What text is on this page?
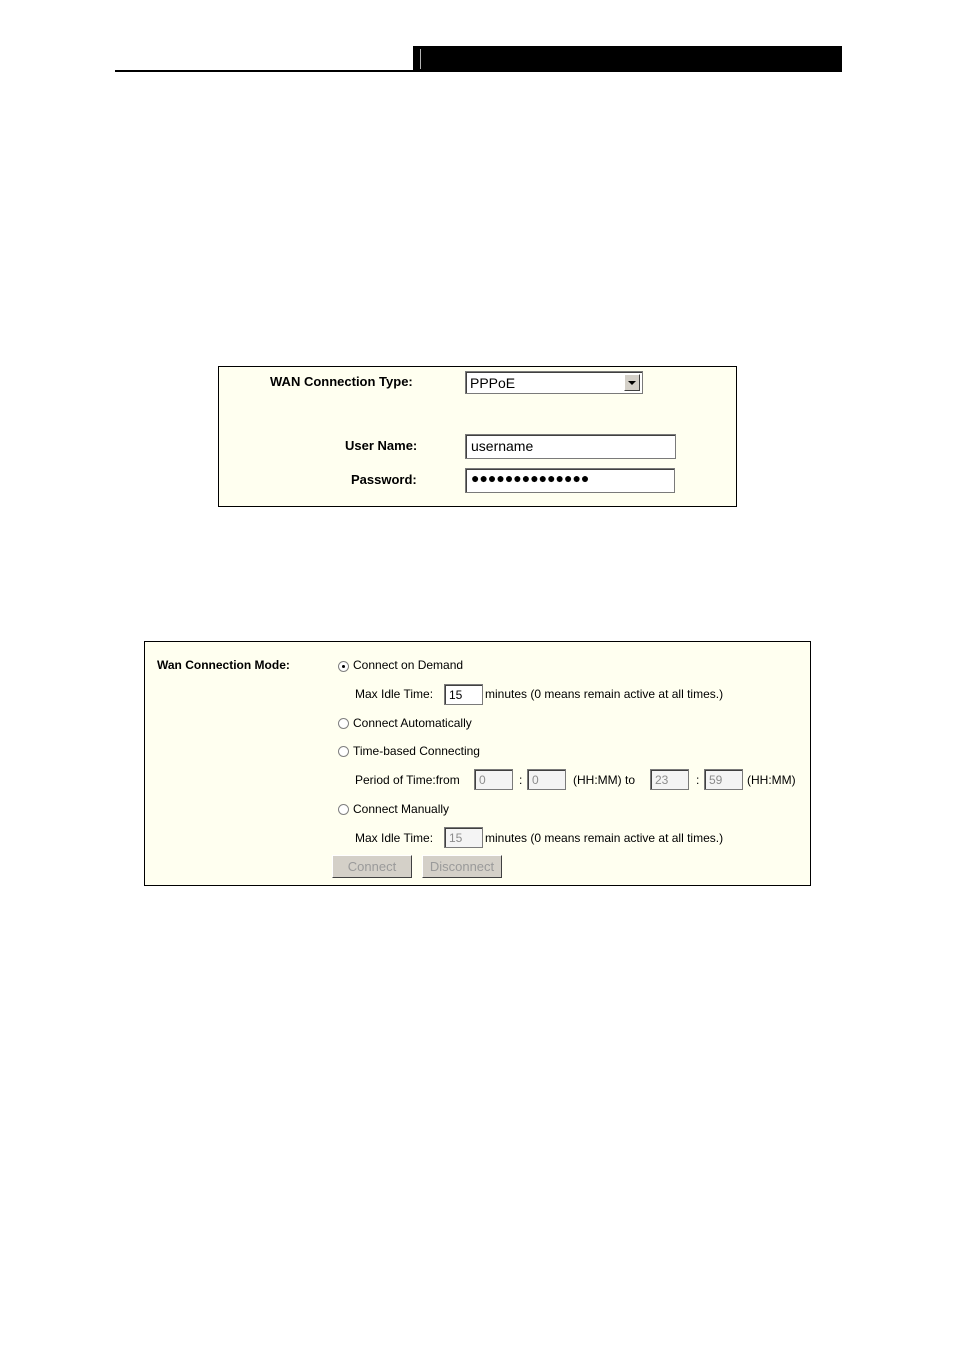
WAN Connection Type:	PPPoE
User Name:	username
Password:	●●●●●●●●●●●●●●
Wan Connection Mode:	Connect on Demand
Max Idle Time: 15 minutes (0 means remain active at all times.)
Connect Automatically
Time-based Connecting
Period of Time:from 0	: 0	(HH:MM) to 23 : 59 (HH:MM)
Connect Manually
Max Idle Time: 15 minutes (0 means remain active at all times.)
Connect	Disconnect
